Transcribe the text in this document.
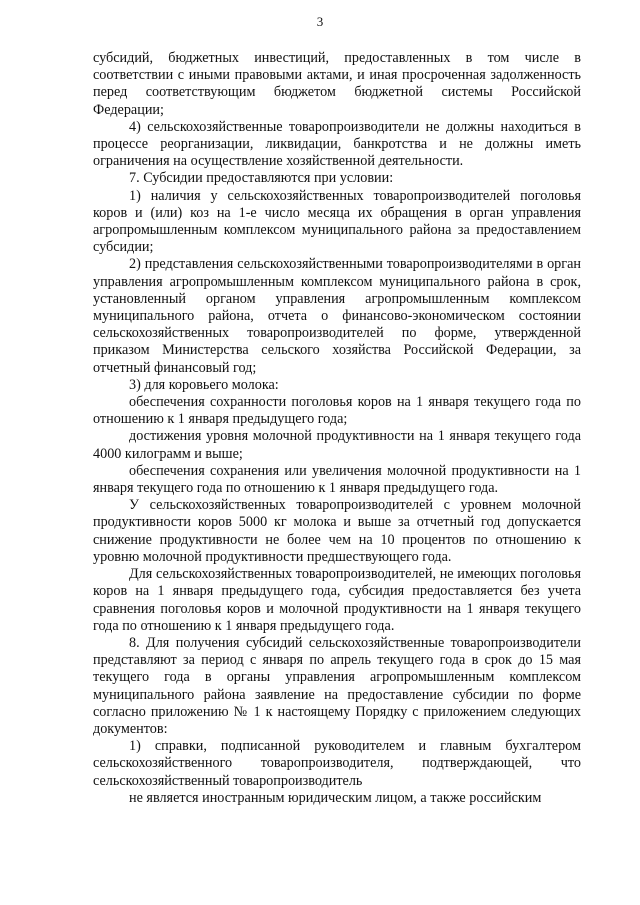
3

субсидий, бюджетных инвестиций, предоставленных в том числе в соответствии с иными правовыми актами, и иная просроченная задолженность перед соответствующим бюджетом бюджетной системы Российской Федерации;

4) сельскохозяйственные товаропроизводители не должны находиться в процессе реорганизации, ликвидации, банкротства и не должны иметь ограничения на осуществление хозяйственной деятельности.

7. Субсидии предоставляются при условии:

1) наличия у сельскохозяйственных товаропроизводителей поголовья коров и (или) коз на 1-е число месяца их обращения в орган управления агропромышленным комплексом муниципального района за предоставлением субсидии;

2) представления сельскохозяйственными товаропроизводителями в орган управления агропромышленным комплексом муниципального района в срок, установленный органом управления агропромышленным комплексом муниципального района, отчета о финансово-экономическом состоянии сельскохозяйственных товаропроизводителей по форме, утвержденной приказом Министерства сельского хозяйства Российской Федерации, за отчетный финансовый год;

3) для коровьего молока:

обеспечения сохранности поголовья коров на 1 января текущего года по отношению к 1 января предыдущего года;

достижения уровня молочной продуктивности на 1 января текущего года 4000 килограмм и выше;

обеспечения сохранения или увеличения молочной продуктивности на 1 января текущего года по отношению к 1 января предыдущего года.

У сельскохозяйственных товаропроизводителей с уровнем молочной продуктивности коров 5000 кг молока и выше за отчетный год допускается снижение продуктивности не более чем на 10 процентов по отношению к уровню молочной продуктивности предшествующего года.

Для сельскохозяйственных товаропроизводителей, не имеющих поголовья коров на 1 января предыдущего года, субсидия предоставляется без учета сравнения поголовья коров и молочной продуктивности на 1 января текущего года по отношению к 1 января предыдущего года.

8. Для получения субсидий сельскохозяйственные товаропроизводители представляют за период с января по апрель текущего года в срок до 15 мая текущего года в органы управления агропромышленным комплексом муниципального района заявление на предоставление субсидии по форме согласно приложению № 1 к настоящему Порядку с приложением следующих документов:

1) справки, подписанной руководителем и главным бухгалтером сельскохозяйственного товаропроизводителя, подтверждающей, что сельскохозяйственный товаропроизводитель

не является иностранным юридическим лицом, а также российским
